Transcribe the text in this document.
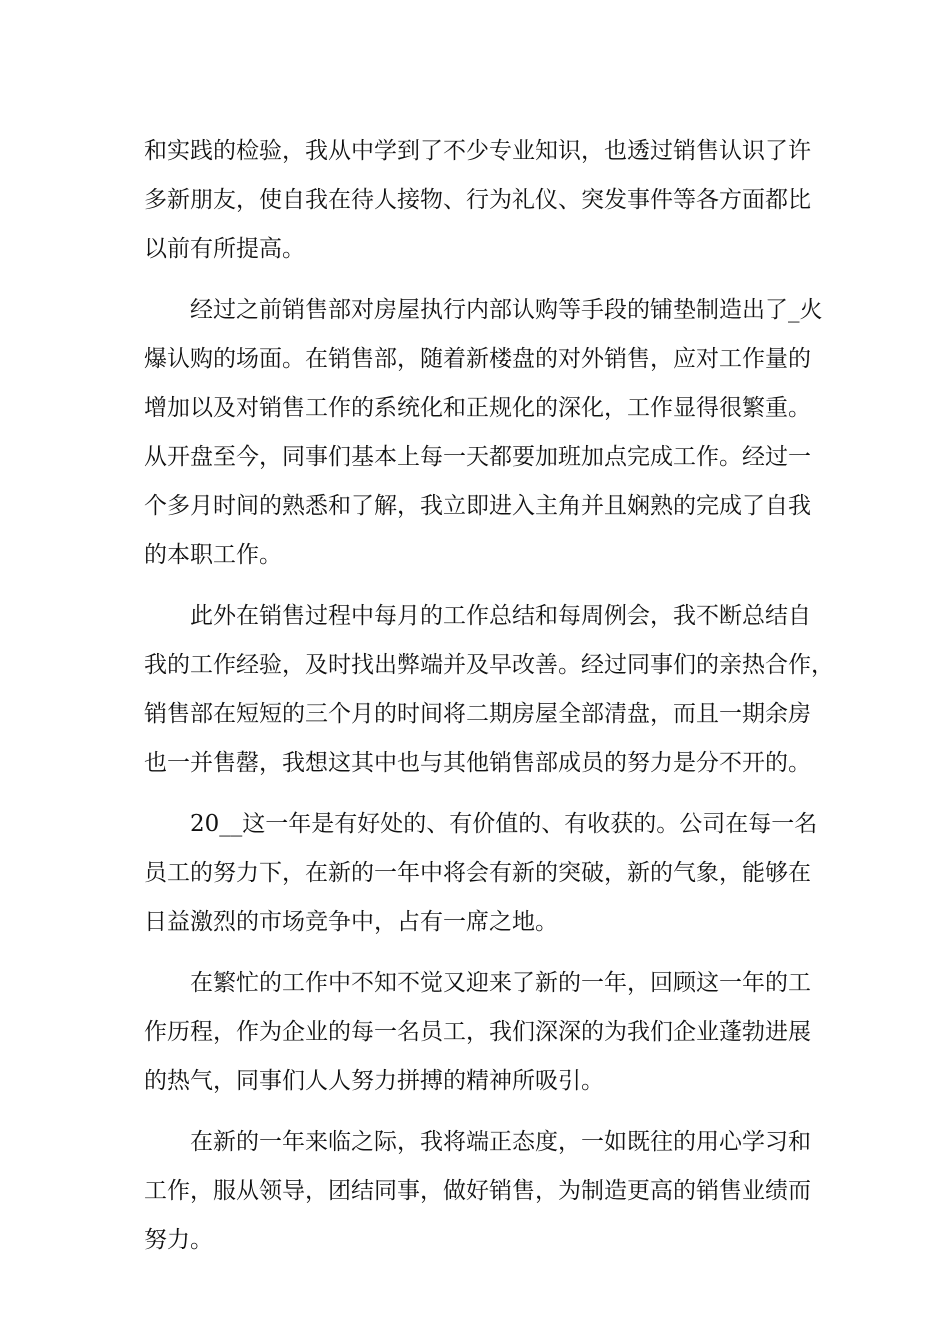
和实践的检验，我从中学到了不少专业知识，也透过销售认识了许
多新朋友，使自我在待人接物、行为礼仪、突发事件等各方面都比
以前有所提高。
　　经过之前销售部对房屋执行内部认购等手段的铺垫制造出了_火
爆认购的场面。在销售部，随着新楼盘的对外销售，应对工作量的
增加以及对销售工作的系统化和正规化的深化，工作显得很繁重。
从开盘至今，同事们基本上每一天都要加班加点完成工作。经过一
个多月时间的熟悉和了解，我立即进入主角并且娴熟的完成了自我
的本职工作。
　　此外在销售过程中每月的工作总结和每周例会，我不断总结自
我的工作经验，及时找出弊端并及早改善。经过同事们的亲热合作，
销售部在短短的三个月的时间将二期房屋全部清盘，而且一期余房
也一并售罄，我想这其中也与其他销售部成员的努力是分不开的。
　　20__这一年是有好处的、有价值的、有收获的。公司在每一名
员工的努力下，在新的一年中将会有新的突破，新的气象，能够在
日益激烈的市场竞争中，占有一席之地。
　　在繁忙的工作中不知不觉又迎来了新的一年，回顾这一年的工
作历程，作为企业的每一名员工，我们深深的为我们企业蓬勃进展
的热气，同事们人人努力拼搏的精神所吸引。
　　在新的一年来临之际，我将端正态度，一如既往的用心学习和
工作，服从领导，团结同事，做好销售，为制造更高的销售业绩而
努力。
